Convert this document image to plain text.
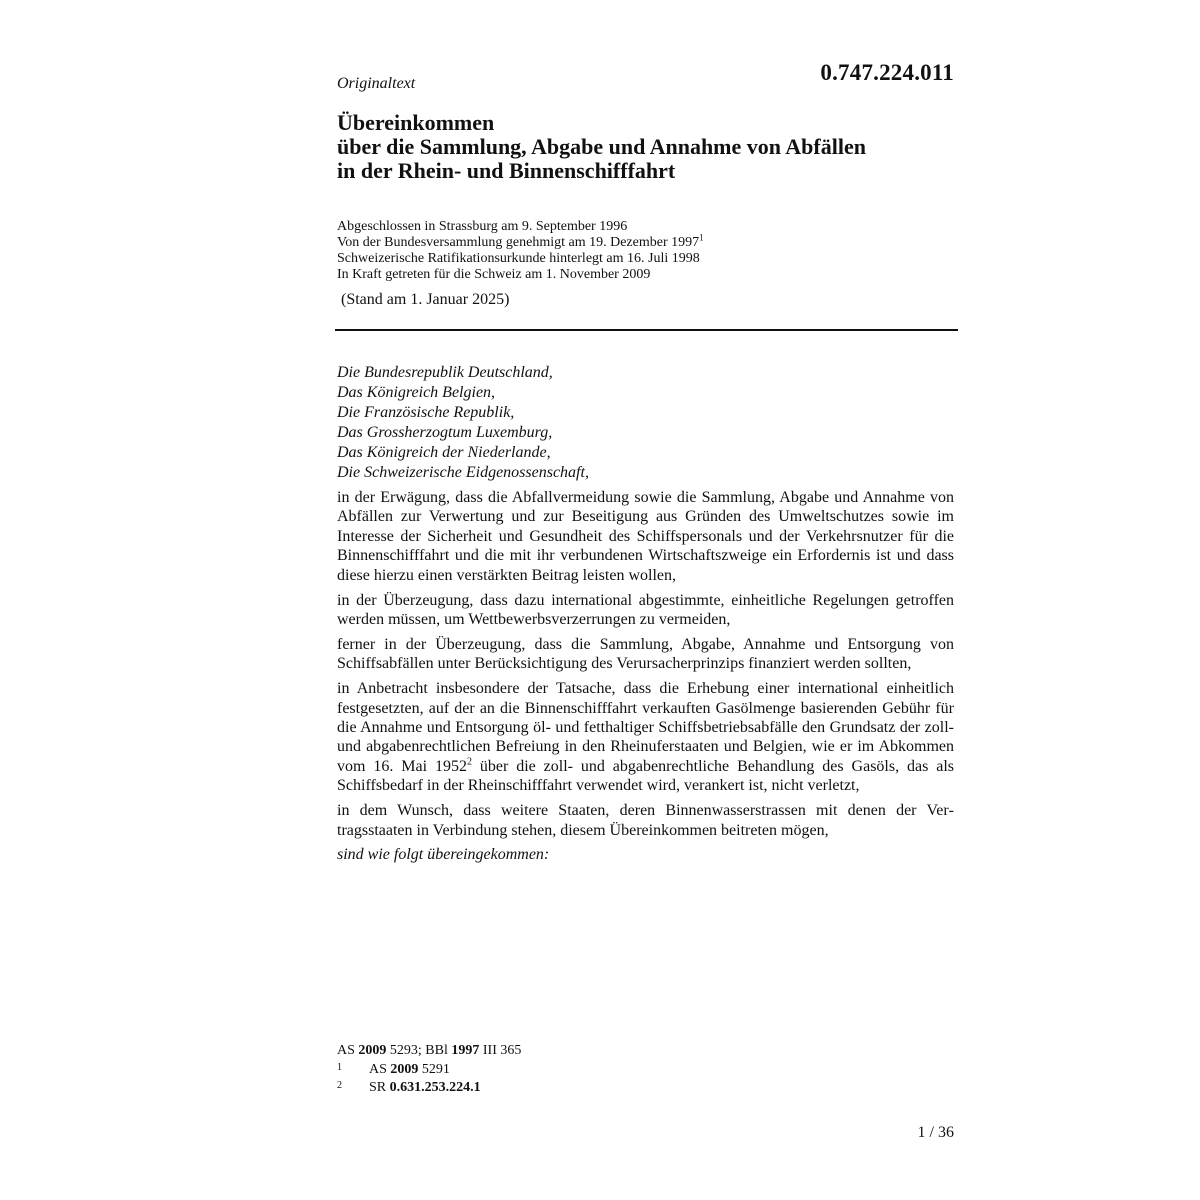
Originaltext	0.747.224.011
Übereinkommen
über die Sammlung, Abgabe und Annahme von Abfällen
in der Rhein- und Binnenschifffahrt
Abgeschlossen in Strassburg am 9. September 1996
Von der Bundesversammlung genehmigt am 19. Dezember 1997$^1$
Schweizerische Ratifikationsurkunde hinterlegt am 16. Juli 1998
In Kraft getreten für die Schweiz am 1. November 2009
(Stand am 1. Januar 2025)
Die Bundesrepublik Deutschland,
Das Königreich Belgien,
Die Französische Republik,
Das Grossherzogtum Luxemburg,
Das Königreich der Niederlande,
Die Schweizerische Eidgenossenschaft,

in der Erwägung, dass die Abfallvermeidung sowie die Sammlung, Abgabe und Annahme von Abfällen zur Verwertung und zur Beseitigung aus Gründen des Umweltschutzes sowie im Interesse der Sicherheit und Gesundheit des Schiffspersonals und der Verkehrsnutzer für die Binnenschifffahrt und die mit ihr verbundenen Wirtschaftszweige ein Erfordernis ist und dass diese hierzu einen verstärkten Beitrag leisten wollen,

in der Überzeugung, dass dazu international abgestimmte, einheitliche Regelungen getroffen werden müssen, um Wettbewerbsverzerrungen zu vermeiden,

ferner in der Überzeugung, dass die Sammlung, Abgabe, Annahme und Entsorgung von Schiffsabfällen unter Berücksichtigung des Verursacherprinzips finanziert werden sollten,

in Anbetracht insbesondere der Tatsache, dass die Erhebung einer international einheitlich festgesetzten, auf der an die Binnenschifffahrt verkauften Gasölmenge basierenden Gebühr für die Annahme und Entsorgung öl- und fetthaltiger Schiffsbetriebsabfälle den Grundsatz der zoll- und abgabenrechtlichen Befreiung in den Rheinuferstaaten und Belgien, wie er im Abkommen vom 16. Mai 1952$^2$ über die zoll- und abgabenrechtliche Behandlung des Gasöls, das als Schiffsbedarf in der Rheinschifffahrt verwendet wird, verankert ist, nicht verletzt,

in dem Wunsch, dass weitere Staaten, deren Binnenwasserstrassen mit denen der Vertragsstaaten in Verbindung stehen, diesem Übereinkommen beitreten mögen,

sind wie folgt übereingekommen:

AS 2009 5293; BBl 1997 III 365
1 AS 2009 5291
2 SR 0.631.253.224.1
1 / 36
